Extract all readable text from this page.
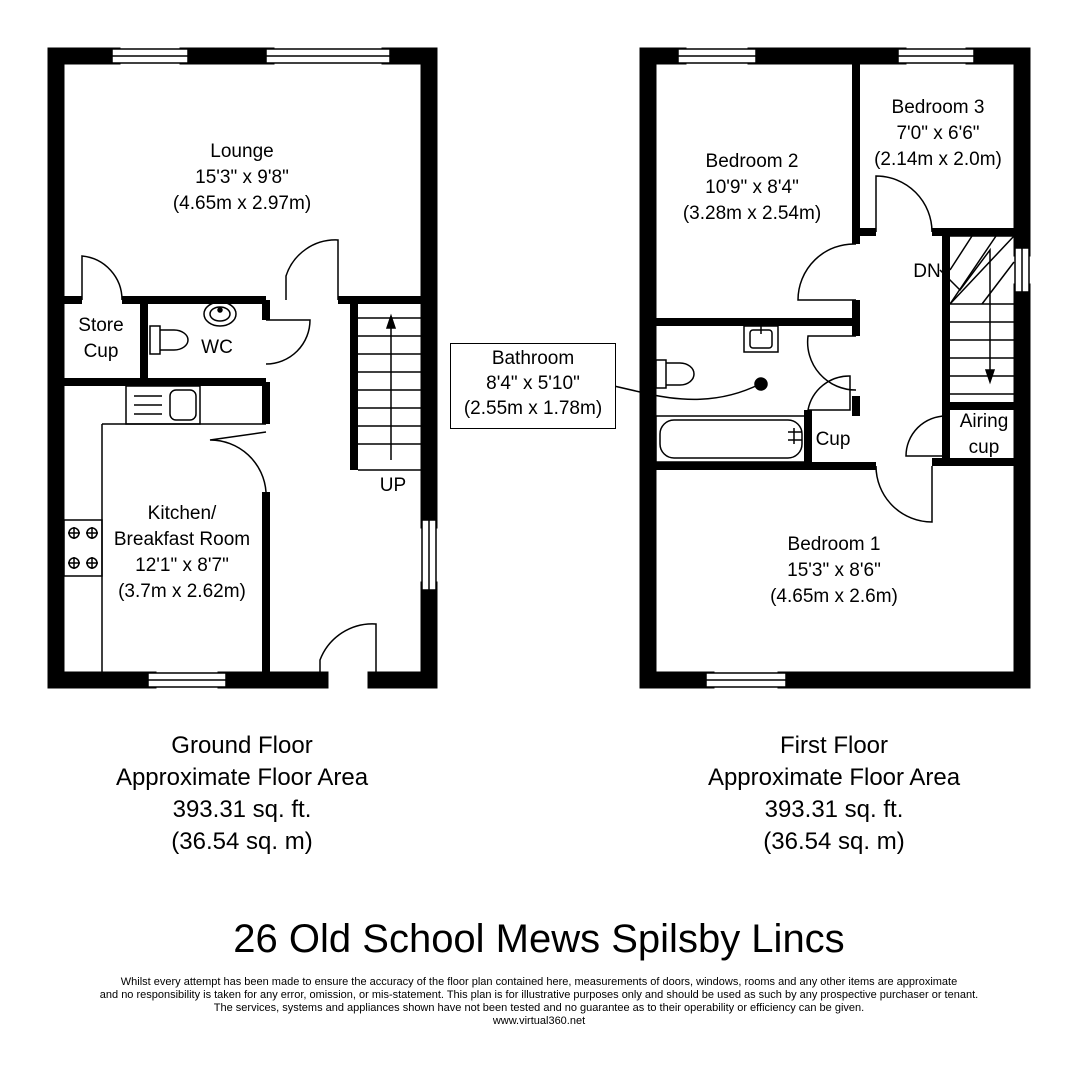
Lounge
15'3" x 9'8"
(4.65m x 2.97m)
Store
Cup	WC
Kitchen/
Breakfast Room
12'1" x 8'7"
(3.7m x 2.62m)
UP
Bedroom 2
10'9" x 8'4"
(3.28m x 2.54m)
Bedroom 3
7'0" x 6'6"
(2.14m x 2.0m)
DN
Bathroom
8'4" x 5'10"
(2.55m x 1.78m)
Cup
Airing
cup
Bedroom 1
15'3" x 8'6"
(4.65m x 2.6m)
Ground Floor
Approximate Floor Area
393.31 sq. ft.
(36.54 sq. m)
First Floor
Approximate Floor Area
393.31 sq. ft.
(36.54 sq. m)
26 Old School Mews Spilsby Lincs
Whilst every attempt has been made to ensure the accuracy of the floor plan contained here, measurements of doors, windows, rooms and any other items are approximate
and no responsibility is taken for any error, omission, or mis-statement. This plan is for illustrative purposes only and should be used as such by any prospective purchaser or tenant.
The services, systems and appliances shown have not been tested and no guarantee as to their operability or efficiency can be given.
www.virtual360.net
